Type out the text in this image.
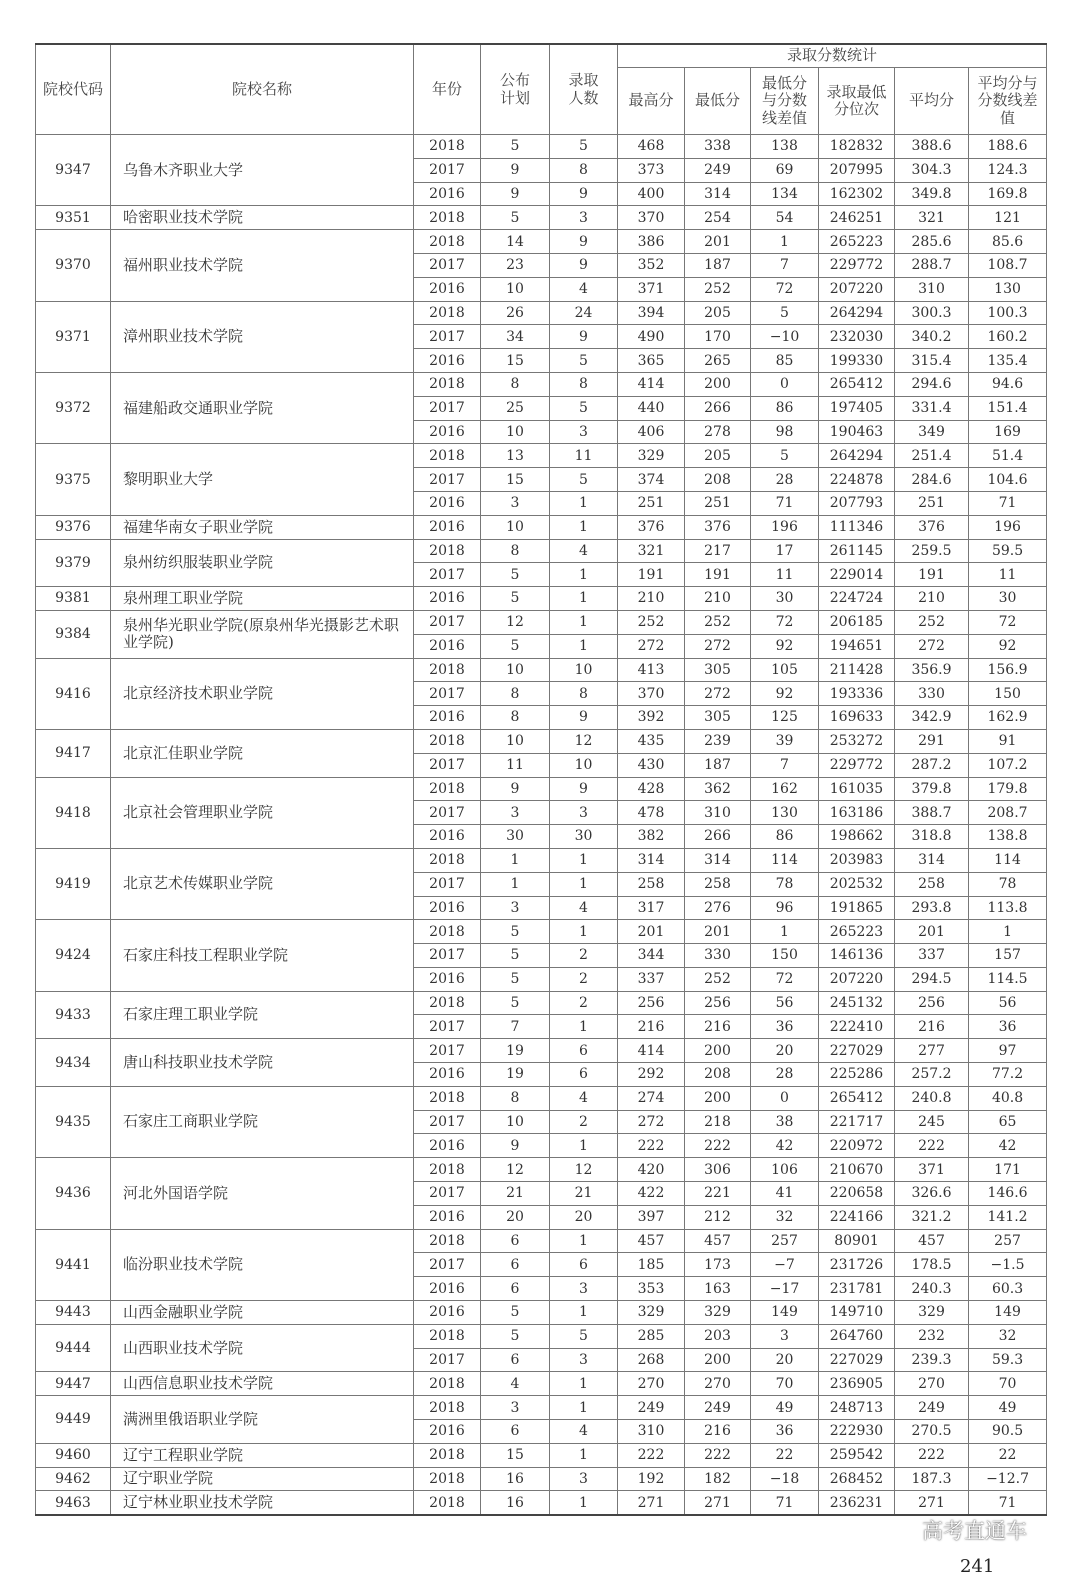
院校代码	院校名称	年份	公布计划	录取人数	录取分数统计					
					最高分	最低分	最低分与分数线差值	录取最低分位次	平均分	平均分与分数线差值
9347	乌鲁木齐职业大学	2018	5	5	468	338	138	182832	388.6	188.6
		2017	9	8	373	249	69	207995	304.3	124.3
		2016	9	9	400	314	134	162302	349.8	169.8
9351	哈密职业技术学院	2018	5	3	370	254	54	246251	321	121
9370	福州职业技术学院	2018	14	9	386	201	1	265223	285.6	85.6
		2017	23	9	352	187	7	229772	288.7	108.7
		2016	10	4	371	252	72	207220	310	130
9371	漳州职业技术学院	2018	26	24	394	205	5	264294	300.3	100.3
		2017	34	9	490	170	−10	232030	340.2	160.2
		2016	15	5	365	265	85	199330	315.4	135.4
9372	福建船政交通职业学院	2018	8	8	414	200	0	265412	294.6	94.6
		2017	25	5	440	266	86	197405	331.4	151.4
		2016	10	3	406	278	98	190463	349	169
9375	黎明职业大学	2018	13	11	329	205	5	264294	251.4	51.4
		2017	15	5	374	208	28	224878	284.6	104.6
		2016	3	1	251	251	71	207793	251	71
9376	福建华南女子职业学院	2016	10	1	376	376	196	111346	376	196
9379	泉州纺织服装职业学院	2018	8	4	321	217	17	261145	259.5	59.5
		2017	5	1	191	191	11	229014	191	11
9381	泉州理工职业学院	2016	5	1	210	210	30	224724	210	30
9384	泉州华光职业学院(原泉州华光摄影艺术职业学院)	2017	12	1	252	252	72	206185	252	72
		2016	5	1	272	272	92	194651	272	92
9416	北京经济技术职业学院	2018	10	10	413	305	105	211428	356.9	156.9
		2017	8	8	370	272	92	193336	330	150
		2016	8	9	392	305	125	169633	342.9	162.9
9417	北京汇佳职业学院	2018	10	12	435	239	39	253272	291	91
		2017	11	10	430	187	7	229772	287.2	107.2
9418	北京社会管理职业学院	2018	9	9	428	362	162	161035	379.8	179.8
		2017	3	3	478	310	130	163186	388.7	208.7
		2016	30	30	382	266	86	198662	318.8	138.8
9419	北京艺术传媒职业学院	2018	1	1	314	314	114	203983	314	114
		2017	1	1	258	258	78	202532	258	78
		2016	3	4	317	276	96	191865	293.8	113.8
9424	石家庄科技工程职业学院	2018	5	1	201	201	1	265223	201	1
		2017	5	2	344	330	150	146136	337	157
		2016	5	2	337	252	72	207220	294.5	114.5
9433	石家庄理工职业学院	2018	5	2	256	256	56	245132	256	56
		2017	7	1	216	216	36	222410	216	36
9434	唐山科技职业技术学院	2017	19	6	414	200	20	227029	277	97
		2016	19	6	292	208	28	225286	257.2	77.2
9435	石家庄工商职业学院	2018	8	4	274	200	0	265412	240.8	40.8
		2017	10	2	272	218	38	221717	245	65
		2016	9	1	222	222	42	220972	222	42
9436	河北外国语学院	2018	12	12	420	306	106	210670	371	171
		2017	21	21	422	221	41	220658	326.6	146.6
		2016	20	20	397	212	32	224166	321.2	141.2
9441	临汾职业技术学院	2018	6	1	457	457	257	80901	457	257
		2017	6	6	185	173	−7	231726	178.5	−1.5
		2016	6	3	353	163	−17	231781	240.3	60.3
9443	山西金融职业学院	2016	5	1	329	329	149	149710	329	149
9444	山西职业技术学院	2018	5	5	285	203	3	264760	232	32
		2017	6	3	268	200	20	227029	239.3	59.3
9447	山西信息职业技术学院	2018	4	1	270	270	70	236905	270	70
9449	满洲里俄语职业学院	2018	3	1	249	249	49	248713	249	49
		2016	6	4	310	216	36	222930	270.5	90.5
9460	辽宁工程职业学院	2018	15	1	222	222	22	259542	222	22
9462	辽宁职业学院	2018	16	3	192	182	−18	268452	187.3	−12.7
9463	辽宁林业职业技术学院	2018	16	1	271	271	71	236231	271	71
高考直通车
241
